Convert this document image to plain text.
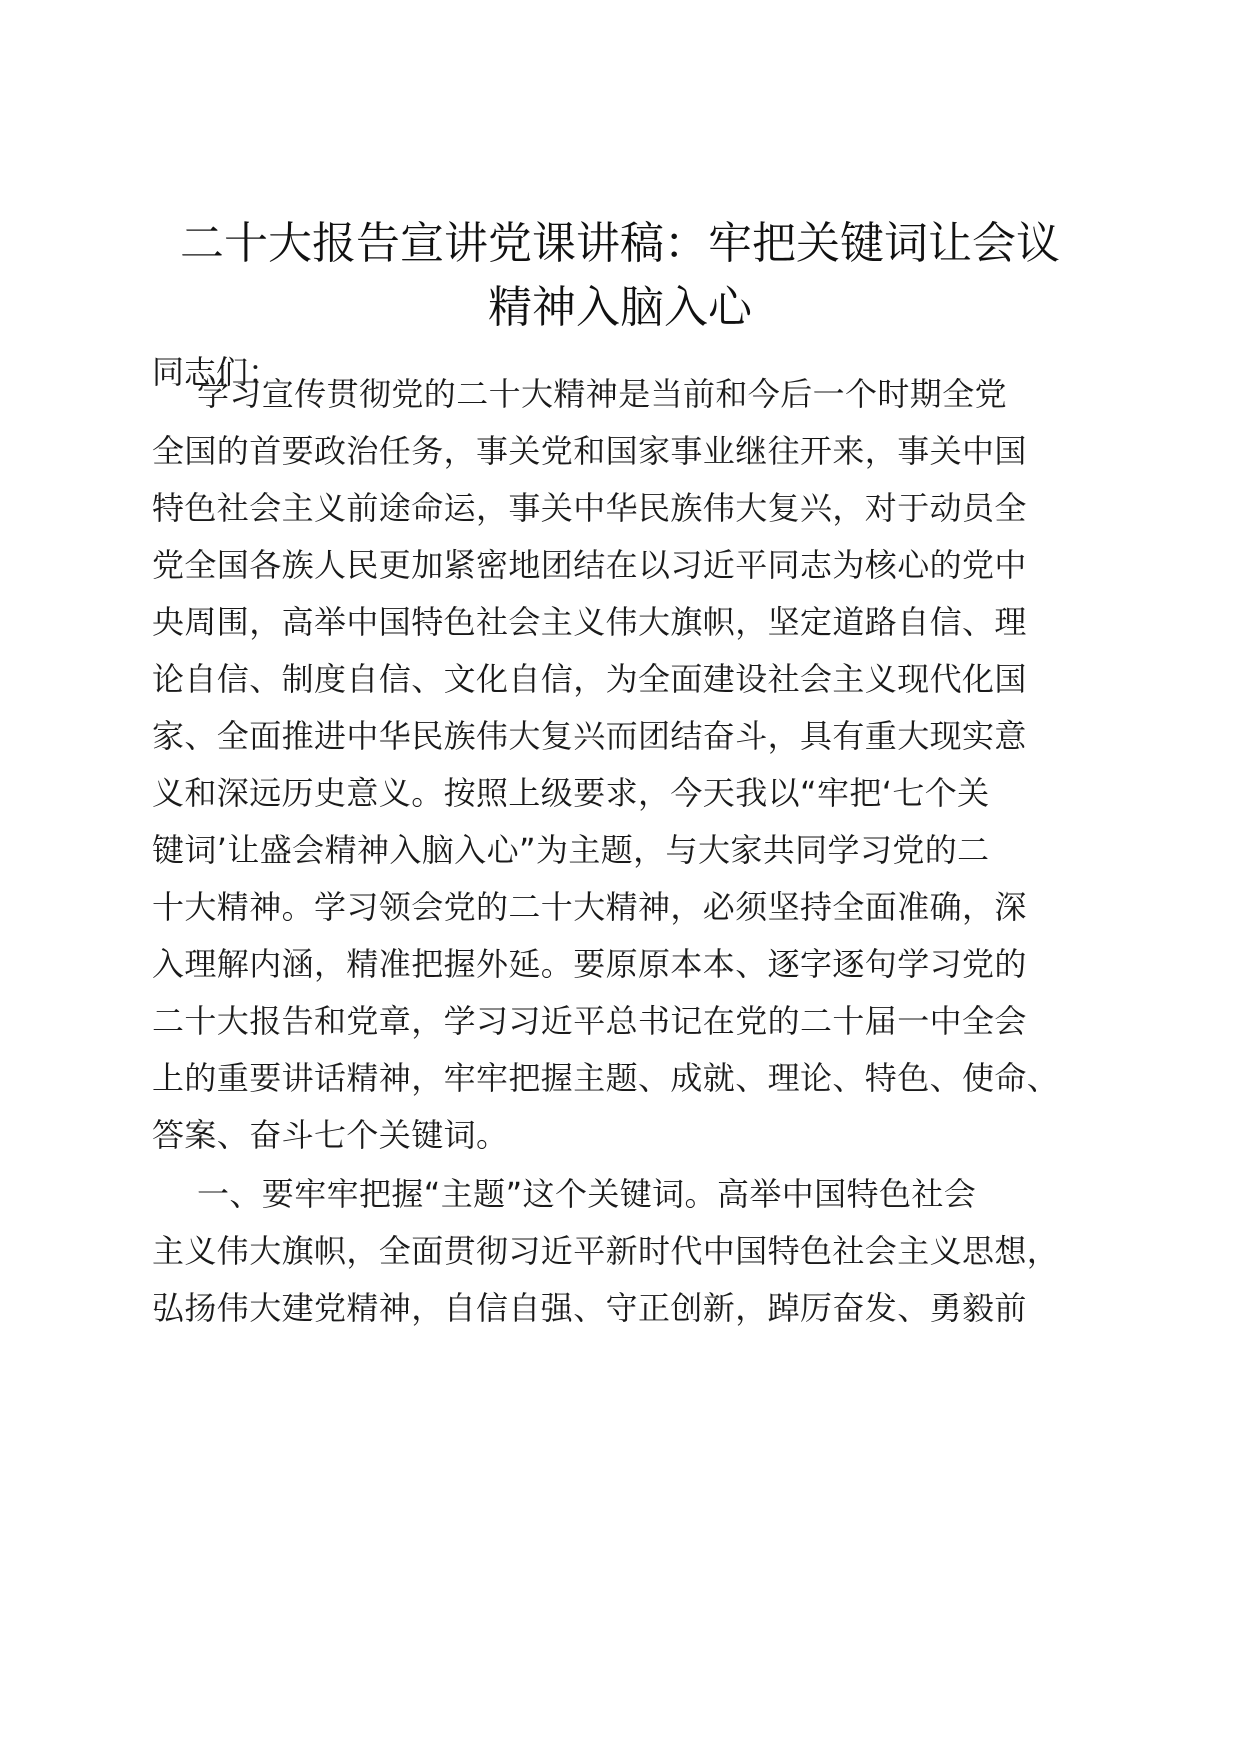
二十大报告宣讲党课讲稿：牢把关键词让会议
精神入脑入心
同志们：
学习宣传贯彻党的二十大精神是当前和今后一个时期全党
全国的首要政治任务，事关党和国家事业继往开来，事关中国
特色社会主义前途命运，事关中华民族伟大复兴，对于动员全
党全国各族人民更加紧密地团结在以习近平同志为核心的党中
央周围，高举中国特色社会主义伟大旗帜，坚定道路自信、理
论自信、制度自信、文化自信，为全面建设社会主义现代化国
家、全面推进中华民族伟大复兴而团结奋斗，具有重大现实意
义和深远历史意义。按照上级要求，今天我以“牢把‘七个关
键词’让盛会精神入脑入心”为主题，与大家共同学习党的二
十大精神。学习领会党的二十大精神，必须坚持全面准确，深
入理解内涵，精准把握外延。要原原本本、逐字逐句学习党的
二十大报告和党章，学习习近平总书记在党的二十届一中全会
上的重要讲话精神，牢牢把握主题、成就、理论、特色、使命、
答案、奋斗七个关键词。
一、要牢牢把握“主题”这个关键词。高举中国特色社会
主义伟大旗帜，全面贯彻习近平新时代中国特色社会主义思想，
弘扬伟大建党精神，自信自强、守正创新，踔厉奋发、勇毅前
